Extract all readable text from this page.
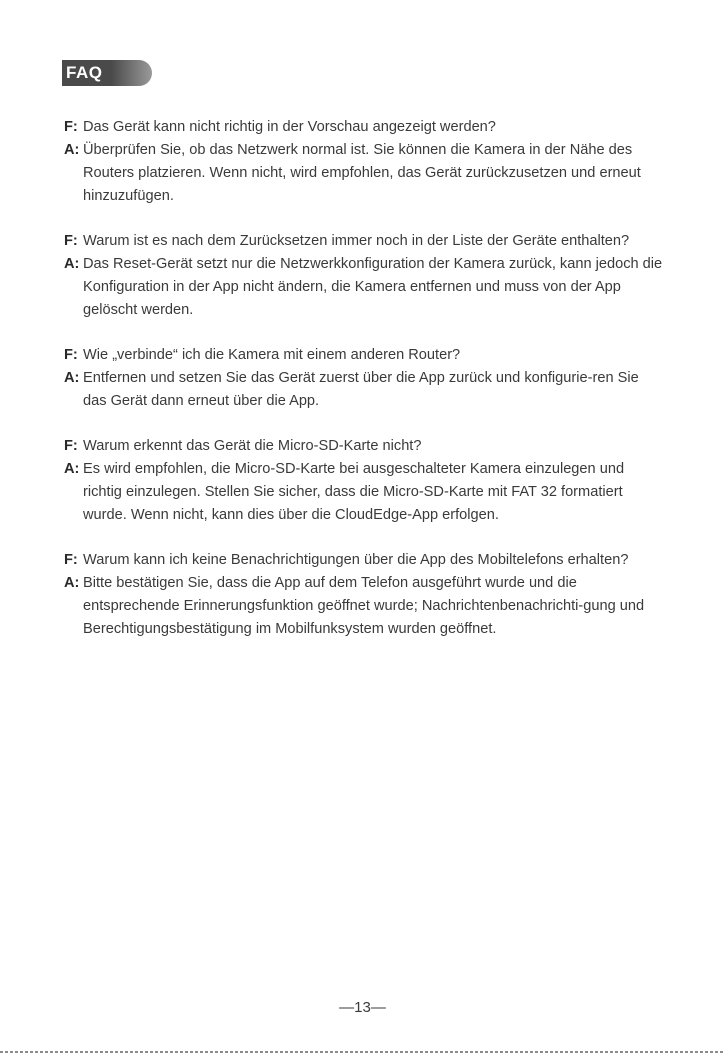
FAQ
F: Das Gerät kann nicht richtig in der Vorschau angezeigt werden?
A: Überprüfen Sie, ob das Netzwerk normal ist. Sie können die Kamera in der Nähe des Routers platzieren. Wenn nicht, wird empfohlen, das Gerät zurückzusetzen und erneut hinzuzufügen.
F: Warum ist es nach dem Zurücksetzen immer noch in der Liste der Geräte enthalten?
A: Das Reset-Gerät setzt nur die Netzwerkkonfiguration der Kamera zurück, kann jedoch die Konfiguration in der App nicht ändern, die Kamera entfernen und muss von der App gelöscht werden.
F: Wie „verbinde“ ich die Kamera mit einem anderen Router?
A: Entfernen und setzen Sie das Gerät zuerst über die App zurück und konfigurie-ren Sie das Gerät dann erneut über die App.
F: Warum erkennt das Gerät die Micro-SD-Karte nicht?
A: Es wird empfohlen, die Micro-SD-Karte bei ausgeschalteter Kamera einzulegen und richtig einzulegen. Stellen Sie sicher, dass die Micro-SD-Karte mit FAT 32 formatiert wurde. Wenn nicht, kann dies über die CloudEdge-App erfolgen.
F: Warum kann ich keine Benachrichtigungen über die App des Mobiltelefons erhalten?
A: Bitte bestätigen Sie, dass die App auf dem Telefon ausgeführt wurde und die entsprechende Erinnerungsfunktion geöffnet wurde; Nachrichtenbenachrichti-gung und Berechtigungsbestätigung im Mobilfunksystem wurden geöffnet.
—13—
